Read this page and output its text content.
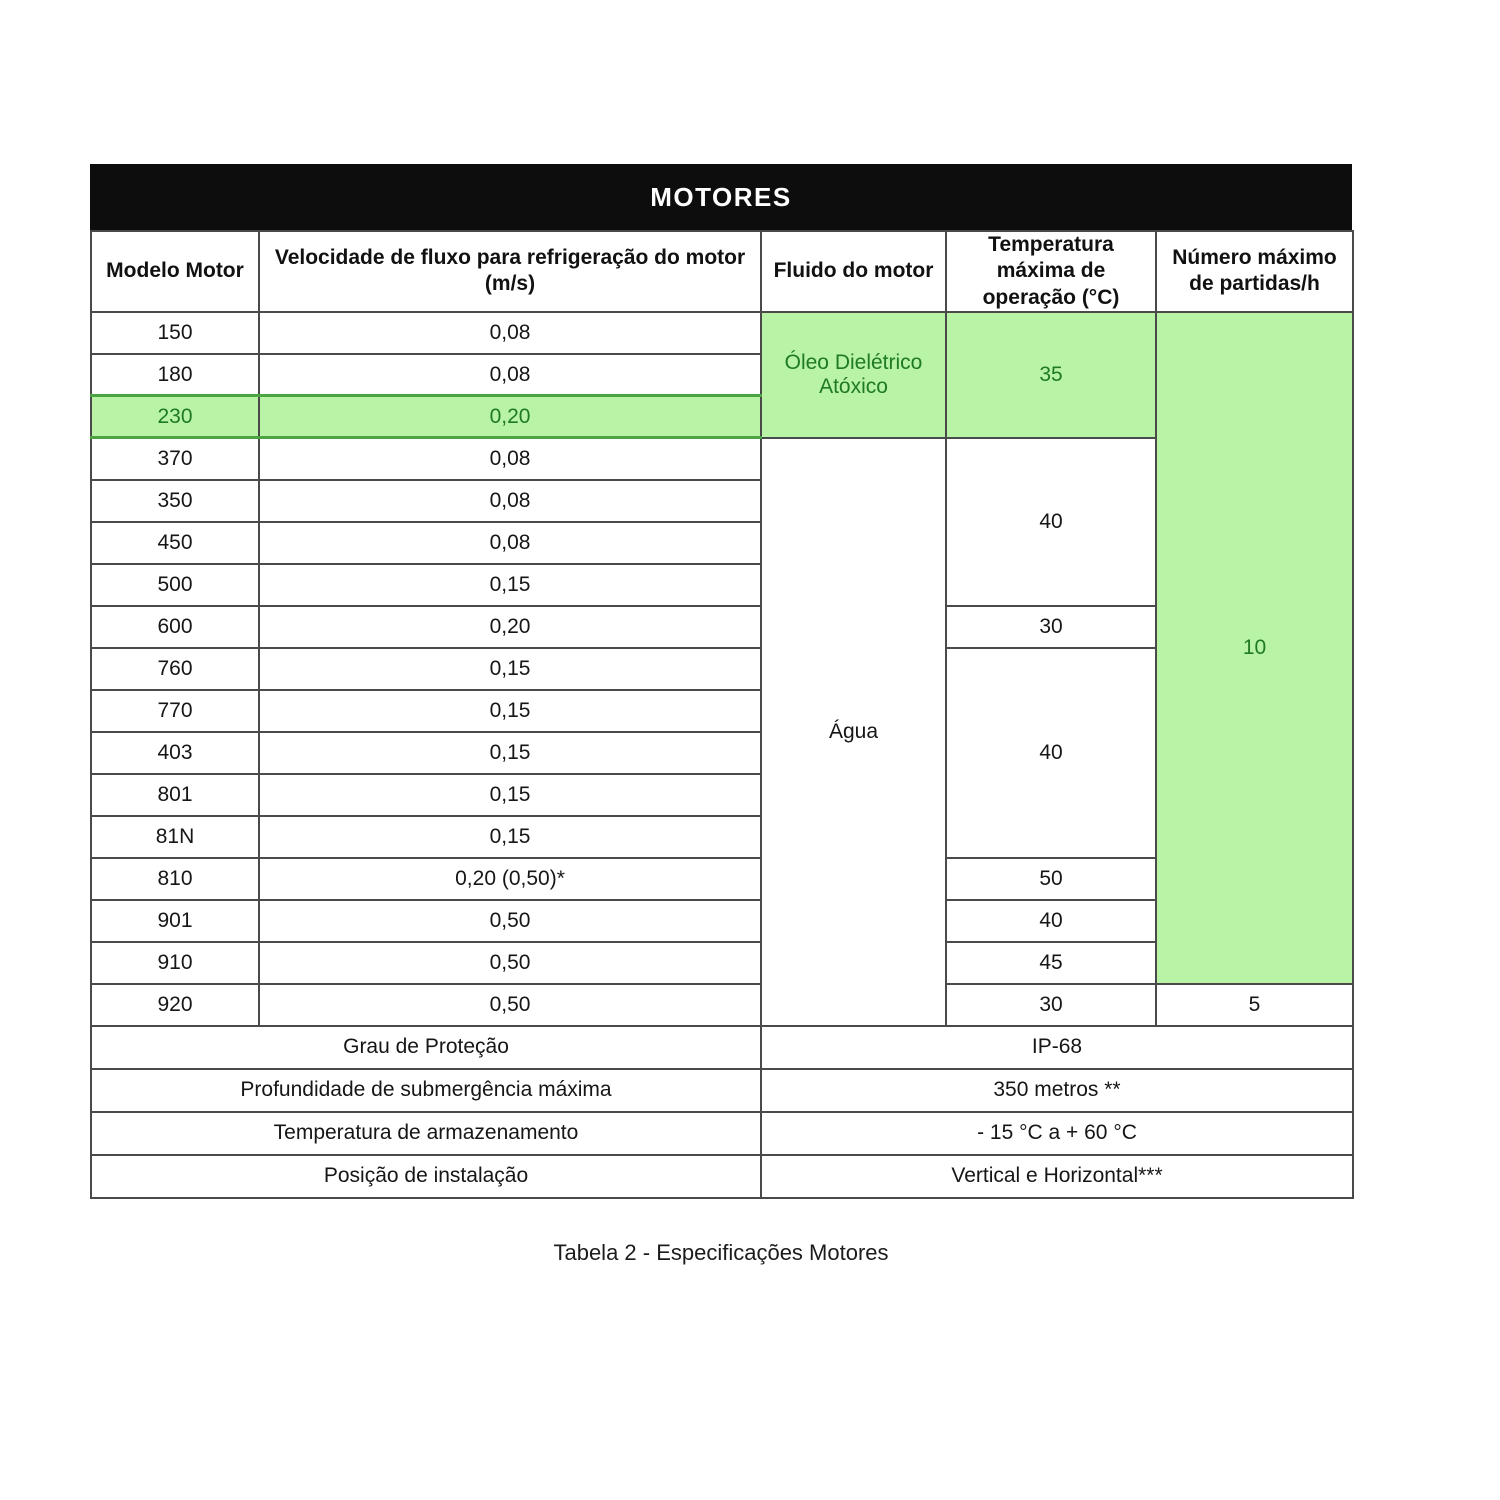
MOTORES
Modelo Motor	Velocidade de fluxo para refrigeração do motor (m/s)	Fluido do motor	Temperatura máxima de operação (°C)	Número máximo de partidas/h
150	0,08	Óleo Dielétrico Atóxico	35	10
180	0,08			
230	0,20			
370	0,08	Água	40	
350	0,08			
450	0,08			
500	0,15			
600	0,20		30	
760	0,15		40	
770	0,15			
403	0,15			
801	0,15			
81N	0,15			
810	0,20 (0,50)*		50	
901	0,50		40	
910	0,50		45	
920	0,50		30	5
Grau de Proteção		IP-68		
Profundidade de submergência máxima		350 metros **		
Temperatura de armazenamento		- 15 °C a + 60 °C		
Posição de instalação		Vertical e Horizontal***		
Tabela 2 - Especificações Motores
